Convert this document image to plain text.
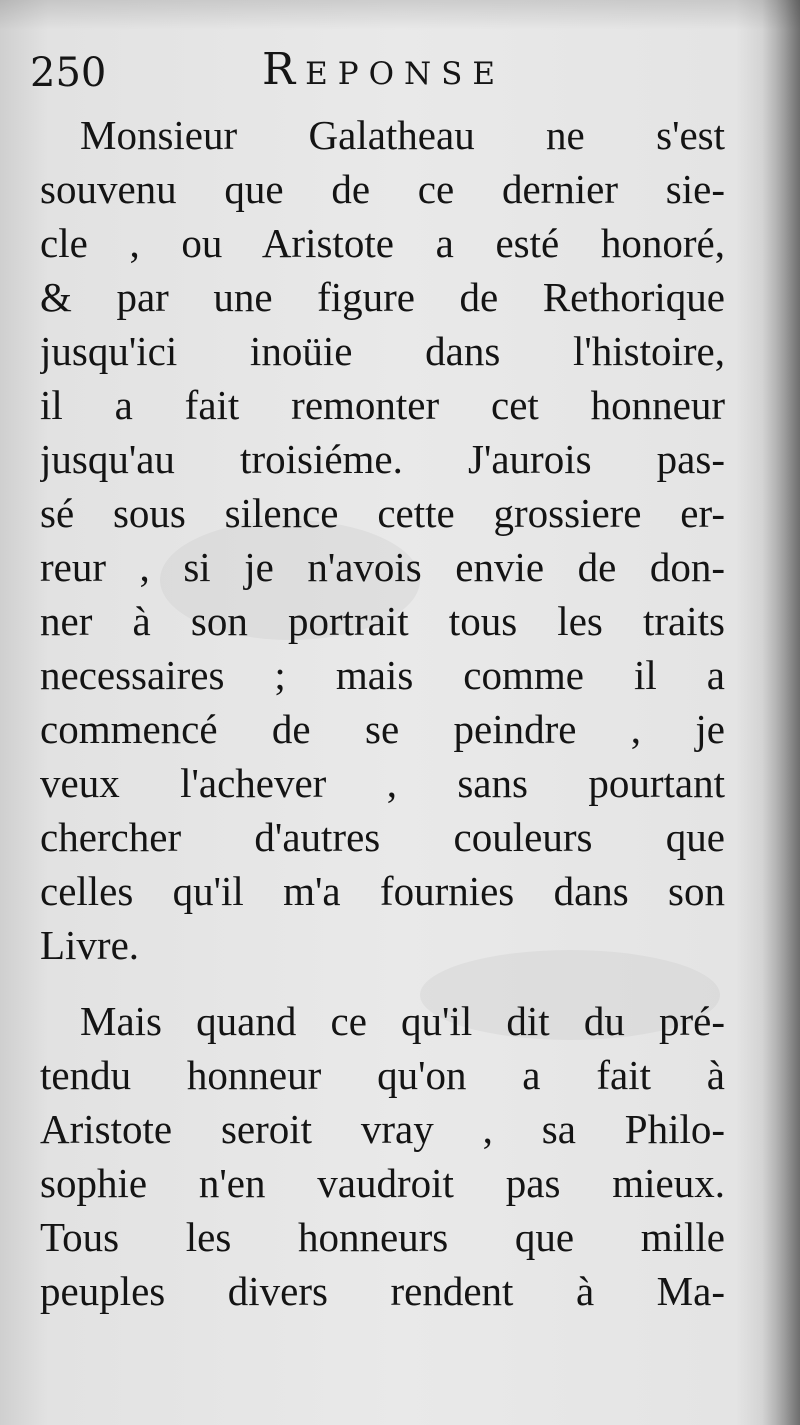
250	Reponse
Monsieur Galatheau ne s'est
souvenu que de ce dernier sie-
cle , ou Aristote a esté honoré,
& par une figure de Rethorique
jusqu'ici inoüie dans l'histoire,
il a fait remonter cet honneur
jusqu'au troisiéme. J'aurois pas-
sé sous silence cette grossiere er-
reur , si je n'avois envie de don-
ner à son portrait tous les traits
necessaires ; mais comme il a
commencé de se peindre , je
veux l'achever , sans pourtant
chercher d'autres couleurs que
celles qu'il m'a fournies dans son
Livre.
Mais quand ce qu'il dit du pré-
tendu honneur qu'on a fait à
Aristote seroit vray , sa Philo-
sophie n'en vaudroit pas mieux.
Tous les honneurs que mille
peuples divers rendent à Ma-
